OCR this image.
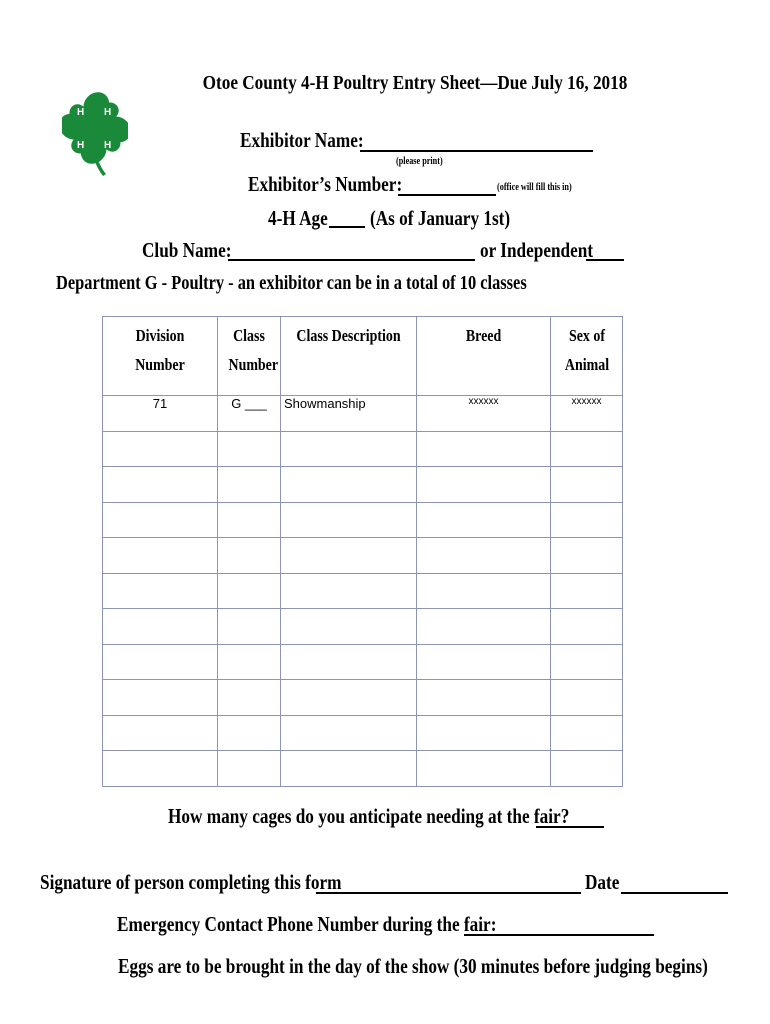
H H
H H
Otoe County 4-H Poultry Entry Sheet—Due July 16, 2018
Exhibitor Name:
(please print)
Exhibitor’s Number:	(office will fill this in)
4-H Age	(As of January 1st)
Club Name:	or Independent
Department G - Poultry - an exhibitor can be in a total of 10 classes
Division Number	Class Number	Class Description	Breed	Sex of Animal
71	G ___	Showmanship	xxxxxx	xxxxxx

How many cages do you anticipate needing at the fair?
Signature of person completing this form	Date
Emergency Contact Phone Number during the fair:
Eggs are to be brought in the day of the show (30 minutes before judging begins)
